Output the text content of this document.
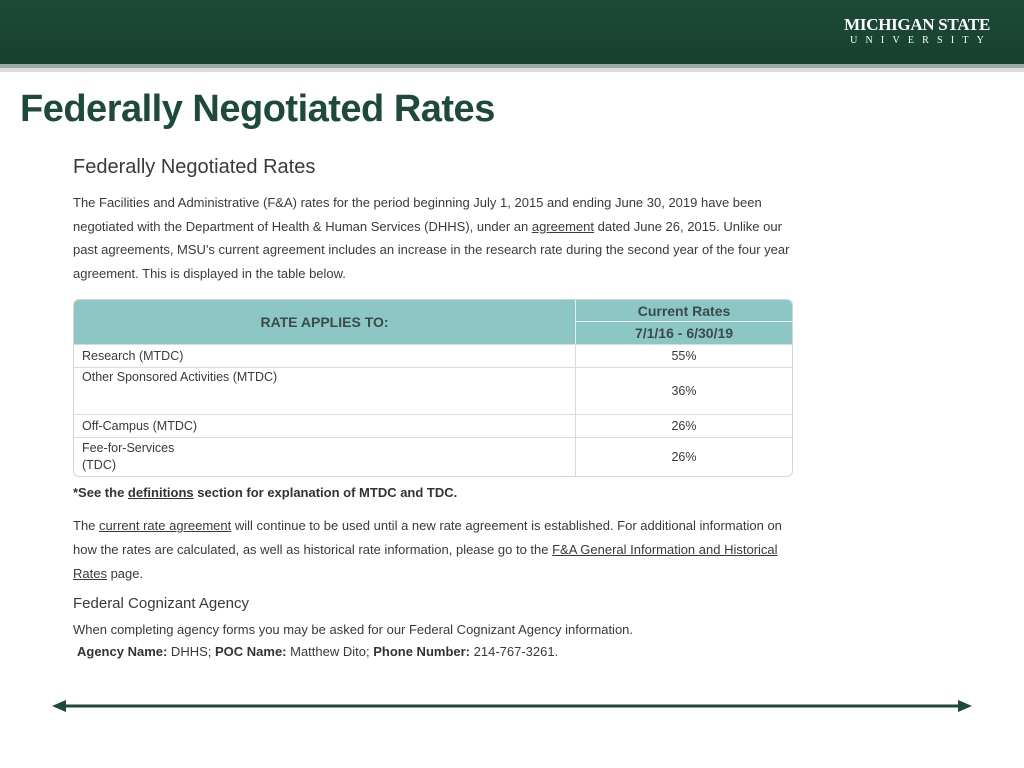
MICHIGAN STATE
UNIVERSITY
Federally Negotiated Rates
Federally Negotiated Rates

The Facilities and Administrative (F&A) rates for the period beginning July 1, 2015 and ending June 30, 2019 have been negotiated with the Department of Health & Human Services (DHHS), under an agreement dated June 26, 2015. Unlike our past agreements, MSU's current agreement includes an increase in the research rate during the second year of the four year agreement. This is displayed in the table below.

RATE APPLIES TO:	Current Rates
	7/1/16 - 6/30/19
Research (MTDC)	55%
Other Sponsored Activities (MTDC)	36%
Off-Campus (MTDC)	26%
Fee-for-Services
(TDC)	26%

*See the definitions section for explanation of MTDC and TDC.

The current rate agreement will continue to be used until a new rate agreement is established. For additional information on how the rates are calculated, as well as historical rate information, please go to the F&A General Information and Historical Rates page.

Federal Cognizant Agency

When completing agency forms you may be asked for our Federal Cognizant Agency information.

Agency Name: DHHS; POC Name: Matthew Dito; Phone Number: 214-767-3261.
